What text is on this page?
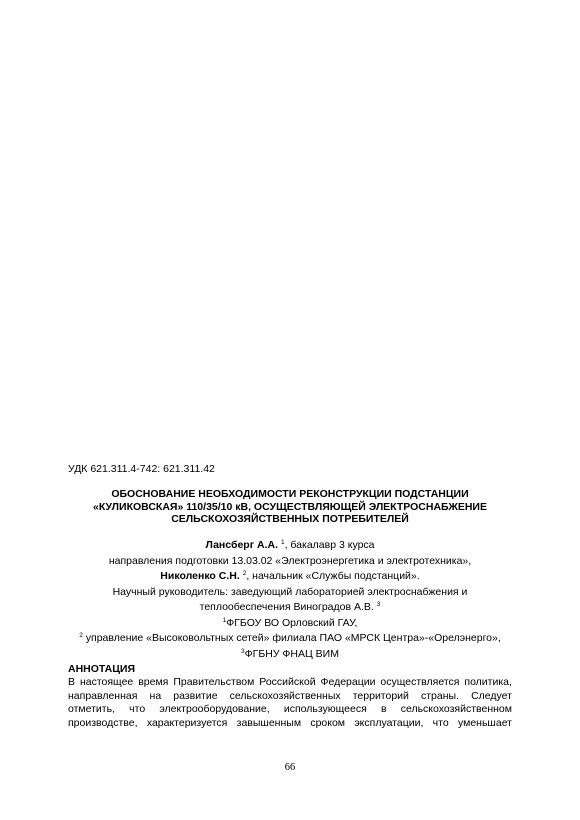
УДК 621.311.4-742: 621.311.42
ОБОСНОВАНИЕ НЕОБХОДИМОСТИ РЕКОНСТРУКЦИИ ПОДСТАНЦИИ
«КУЛИКОВСКАЯ» 110/35/10 кВ, ОСУЩЕСТВЛЯЮЩЕЙ ЭЛЕКТРОСНАБЖЕНИЕ
СЕЛЬСКОХОЗЯЙСТВЕННЫХ ПОТРЕБИТЕЛЕЙ
Лансберг А.А. $^1$, бакалавр 3 курса
направления подготовки 13.03.02 «Электроэнергетика и электротехника»,
Николенко С.Н. $^2$, начальник «Службы подстанций».
Научный руководитель: заведующий лабораторией электроснабжения и
теплообеспечения Виноградов А.В. $^3$
$^1$ФГБОУ ВО Орловский ГАУ,
$^2$ управление «Высоковольтных сетей» филиала ПАО «МРСК Центра»-«Орелэнерго»,
$^3$ФГБНУ ФНАЦ ВИМ
АННОТАЦИЯ
В настоящее время Правительством Российской Федерации осуществляется политика,
направленная на развитие сельскохозяйственных территорий страны. Следует
отметить, что электрооборудование, использующееся в сельскохозяйственном
производстве, характеризуется завышенным сроком эксплуатации, что уменьшает
66
